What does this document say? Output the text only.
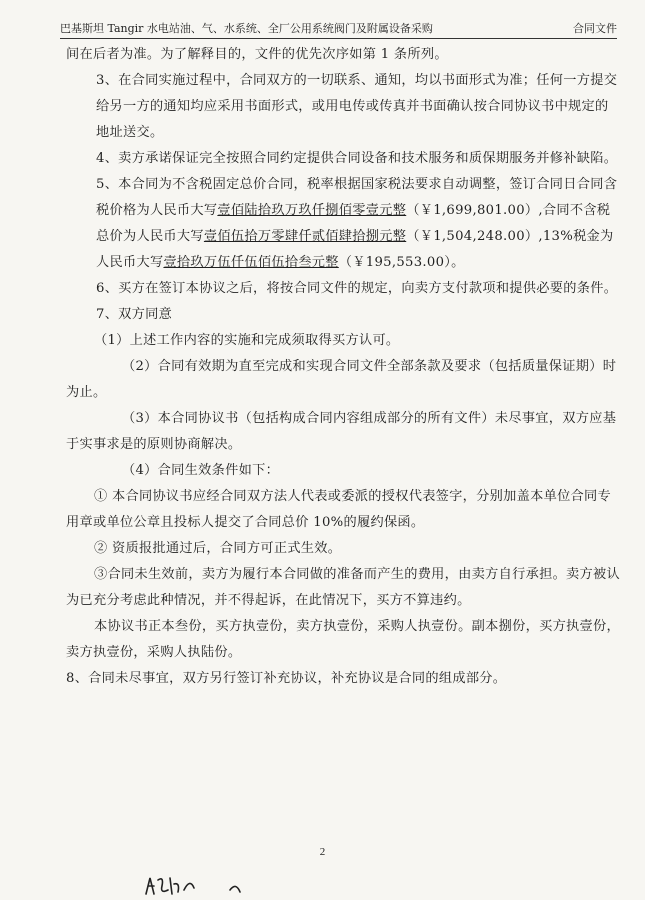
巴基斯坦 Tangir 水电站油、气、水系统、全厂公用系统阀门及附属设备采购	合同文件

间在后者为准。为了解释目的，文件的优先次序如第 1 条所列。

3、在合同实施过程中，合同双方的一切联系、通知，均以书面形式为准；任何一方提交给另一方的通知均应采用书面形式，或用电传或传真并书面确认按合同协议书中规定的地址送交。

4、卖方承诺保证完全按照合同约定提供合同设备和技术服务和质保期服务并修补缺陷。

5、本合同为不含税固定总价合同，税率根据国家税法要求自动调整，签订合同日合同含税价格为人民币大写壹佰陆拾玖万玖仟捌佰零壹元整（￥1,699,801.00）,合同不含税总价为人民币大写壹佰伍拾万零肆仟贰佰肆拾捌元整（￥1,504,248.00）,13%税金为人民币大写壹拾玖万伍仟伍佰伍拾叁元整（￥195,553.00）。

6、买方在签订本协议之后，将按合同文件的规定，向卖方支付款项和提供必要的条件。

7、双方同意

（1）上述工作内容的实施和完成须取得买方认可。

（2）合同有效期为直至完成和实现合同文件全部条款及要求（包括质量保证期）时为止。

（3）本合同协议书（包括构成合同内容组成部分的所有文件）未尽事宜，双方应基于实事求是的原则协商解决。

（4）合同生效条件如下：

① 本合同协议书应经合同双方法人代表或委派的授权代表签字，分别加盖本单位合同专用章或单位公章且投标人提交了合同总价 10%的履约保函。

② 资质报批通过后，合同方可正式生效。

③合同未生效前，卖方为履行本合同做的准备而产生的费用，由卖方自行承担。卖方被认为已充分考虑此种情况，并不得起诉，在此情况下，买方不算违约。

本协议书正本叁份，买方执壹份，卖方执壹份，采购人执壹份。副本捌份，买方执壹份，卖方执壹份，采购人执陆份。

8、合同未尽事宜，双方另行签订补充协议，补充协议是合同的组成部分。

2
